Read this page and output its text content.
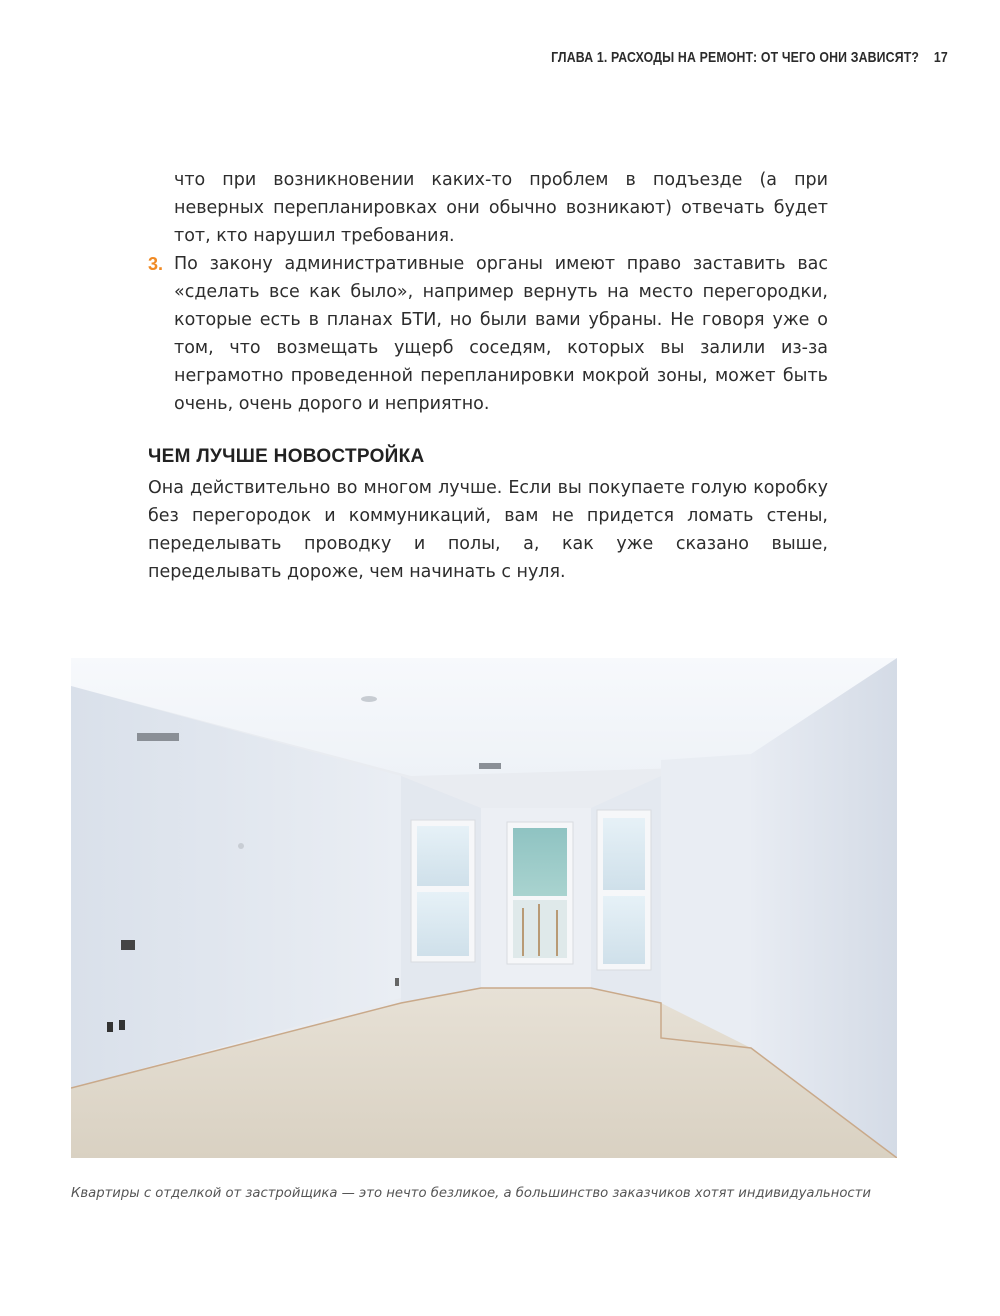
ГЛАВА 1. РАСХОДЫ НА РЕМОНТ: ОТ ЧЕГО ОНИ ЗАВИСЯТ? 17
что при возникновении каких-то проблем в подъезде (а при неверных перепланировках они обычно возникают) отвечать будет тот, кто нарушил требования.
3. По закону административные органы имеют право заставить вас «сделать все как было», например вернуть на место перегородки, которые есть в планах БТИ, но были вами убраны. Не говоря уже о том, что возмещать ущерб соседям, которых вы залили из-за неграмотно проведенной перепланировки мокрой зоны, может быть очень, очень дорого и неприятно.
ЧЕМ ЛУЧШЕ НОВОСТРОЙКА
Она действительно во многом лучше. Если вы покупаете голую коробку без перегородок и коммуникаций, вам не придется ломать стены, переделывать проводку и полы, а, как уже сказано выше, переделывать дороже, чем начинать с нуля.
Квартиры с отделкой от застройщика — это нечто безликое, а большинство заказчиков хотят индивидуальности
